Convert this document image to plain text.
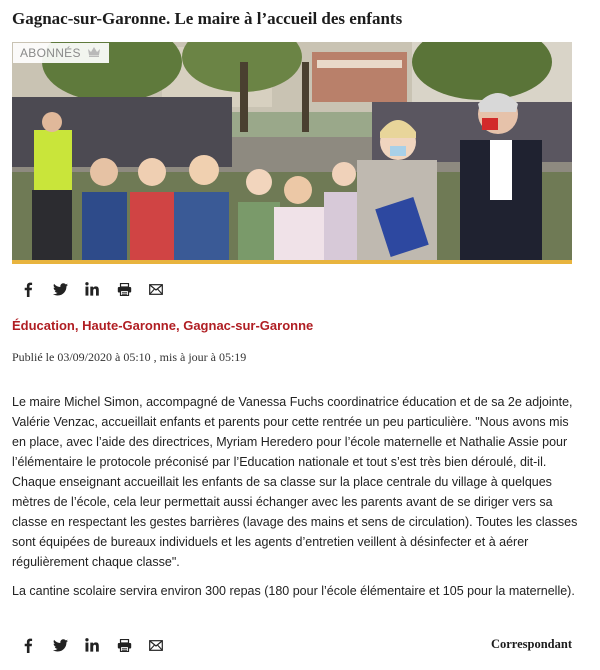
Gagnac-sur-Garonne. Le maire à l’accueil des enfants
ABONNÉS
Éducation, Haute-Garonne, Gagnac-sur-Garonne
Publié le 03/09/2020 à 05:10 , mis à jour à 05:19

Le maire Michel Simon, accompagné de Vanessa Fuchs coordinatrice éducation et de sa 2e adjointe, Valérie Venzac, accueillait enfants et parents pour cette rentrée un peu particulière. "Nous avons mis en place, avec l’aide des directrices, Myriam Heredero pour l’école maternelle et Nathalie Assie pour l’élémentaire le protocole préconisé par l’Education nationale et tout s’est très bien déroulé, dit-il. Chaque enseignant accueillait les enfants de sa classe sur la place centrale du village à quelques mètres de l’école, cela leur permettait aussi échanger avec les parents avant de se diriger vers sa classe en respectant les gestes barrières (lavage des mains et sens de circulation). Toutes les classes sont équipées de bureaux individuels et les agents d’entretien veillent à désinfecter et à aérer régulièrement chaque classe".

La cantine scolaire servira environ 300 repas (180 pour l’école élémentaire et 105 pour la maternelle).

Correspondant
